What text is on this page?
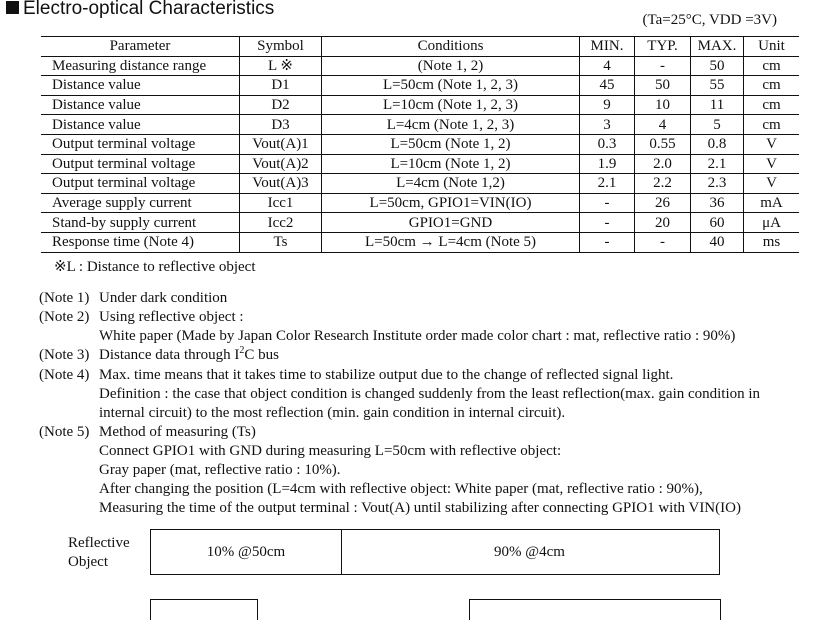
Electro-optical Characteristics
(Ta=25°C, VDD =3V)
Parameter	Symbol	Conditions	MIN.	TYP.	MAX.	Unit
Measuring distance range	L ※	(Note 1, 2)	4	-	50	cm
Distance value	D1	L=50cm (Note 1, 2, 3)	45	50	55	cm
Distance value	D2	L=10cm (Note 1, 2, 3)	9	10	11	cm
Distance value	D3	L=4cm (Note 1, 2, 3)	3	4	5	cm
Output terminal voltage	Vout(A)1	L=50cm (Note 1, 2)	0.3	0.55	0.8	V
Output terminal voltage	Vout(A)2	L=10cm (Note 1, 2)	1.9	2.0	2.1	V
Output terminal voltage	Vout(A)3	L=4cm (Note 1,2)	2.1	2.2	2.3	V
Average supply current	Icc1	L=50cm, GPIO1=VIN(IO)	-	26	36	mA
Stand-by supply current	Icc2	GPIO1=GND	-	20	60	μA
Response time (Note 4)	Ts	L=50cm → L=4cm (Note 5)	-	-	40	ms
※L : Distance to reflective object
(Note 1) Under dark condition
(Note 2) Using reflective object :
White paper (Made by Japan Color Research Institute order made color chart : mat, reflective ratio : 90%)
(Note 3) Distance data through $I^2C$ bus
(Note 4) Max. time means that it takes time to stabilize output due to the change of reflected signal light.
Definition : the case that object condition is changed suddenly from the least reflection(max. gain condition in
internal circuit) to the most reflection (min. gain condition in internal circuit).
(Note 5) Method of measuring (Ts)
Connect GPIO1 with GND during measuring L=50cm with reflective object:
Gray paper (mat, reflective ratio : 10%).
After changing the position (L=4cm with reflective object: White paper (mat, reflective ratio : 90%),
Measuring the time of the output terminal : Vout(A) until stabilizing after connecting GPIO1 with VIN(IO)
Reflective
Object
10% @50cm	90% @4cm
